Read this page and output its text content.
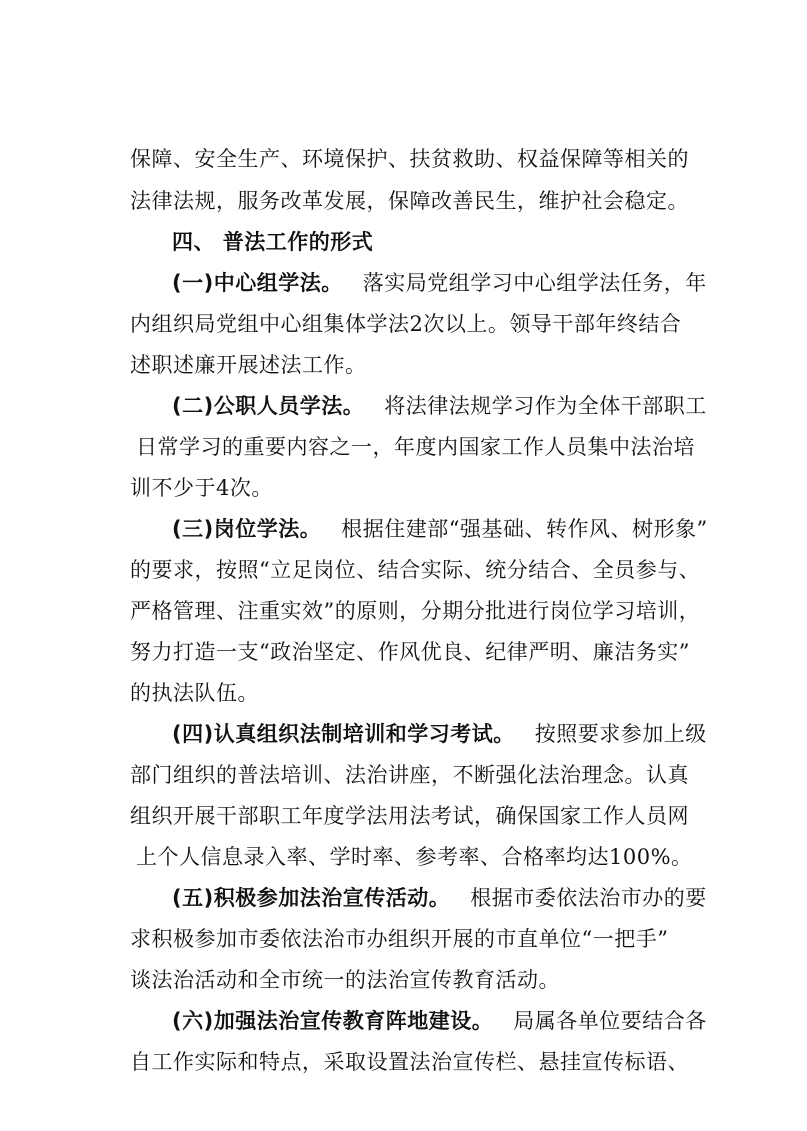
保障、安全生产、环境保护、扶贫救助、权益保障等相关的
法律法规，服务改革发展，保障改善民生，维护社会稳定。
四、 普法工作的形式
(一)中心组学法。 落实局党组学习中心组学法任务，年
内组织局党组中心组集体学法2次以上。领导干部年终结合
述职述廉开展述法工作。
(二)公职人员学法。 将法律法规学习作为全体干部职工
日常学习的重要内容之一，年度内国家工作人员集中法治培
训不少于4次。
(三)岗位学法。 根据住建部“强基础、转作风、树形象”
的要求，按照“立足岗位、结合实际、统分结合、全员参与、
严格管理、注重实效”的原则，分期分批进行岗位学习培训，
努力打造一支“政治坚定、作风优良、纪律严明、廉洁务实”
的执法队伍。
(四)认真组织法制培训和学习考试。 按照要求参加上级
部门组织的普法培训、法治讲座，不断强化法治理念。认真
组织开展干部职工年度学法用法考试，确保国家工作人员网
上个人信息录入率、学时率、参考率、合格率均达100%。
(五)积极参加法治宣传活动。 根据市委依法治市办的要
求积极参加市委依法治市办组织开展的市直单位“一把手”
谈法治活动和全市统一的法治宣传教育活动。
(六)加强法治宣传教育阵地建设。 局属各单位要结合各
自工作实际和特点，采取设置法治宣传栏、悬挂宣传标语、
